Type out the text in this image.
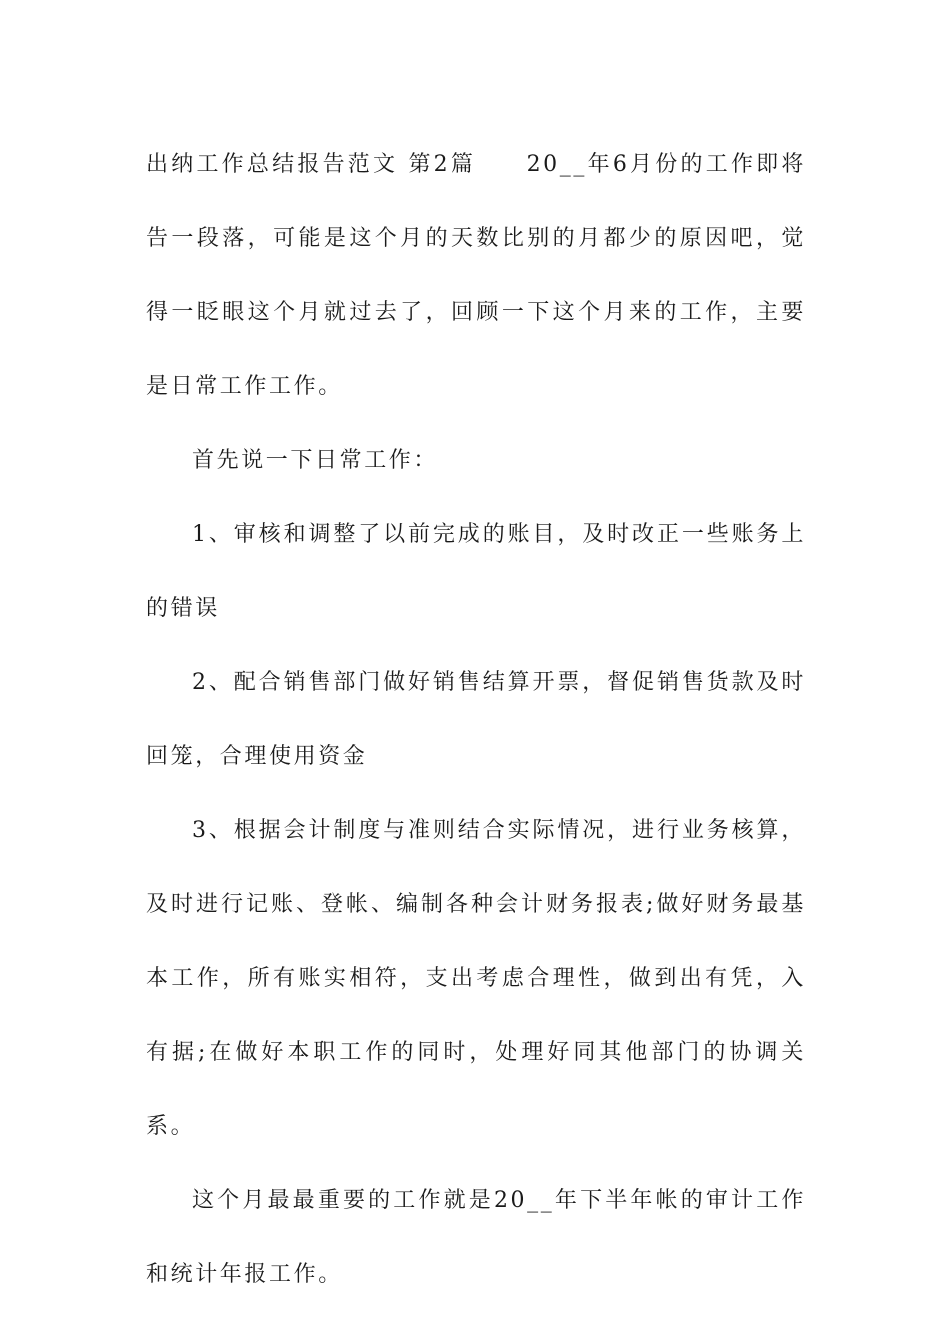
出纳工作总结报告范文 第2篇　　20__年6月份的工作即将告一段落，可能是这个月的天数比别的月都少的原因吧，觉得一眨眼这个月就过去了，回顾一下这个月来的工作，主要是日常工作工作。

首先说一下日常工作：

1、审核和调整了以前完成的账目，及时改正一些账务上的错误

2、配合销售部门做好销售结算开票，督促销售货款及时回笼，合理使用资金

3、根据会计制度与准则结合实际情况，进行业务核算，及时进行记账、登帐、编制各种会计财务报表;做好财务最基本工作，所有账实相符，支出考虑合理性，做到出有凭，入有据;在做好本职工作的同时，处理好同其他部门的协调关系。

这个月最最重要的工作就是20__年下半年帐的审计工作和统计年报工作。
